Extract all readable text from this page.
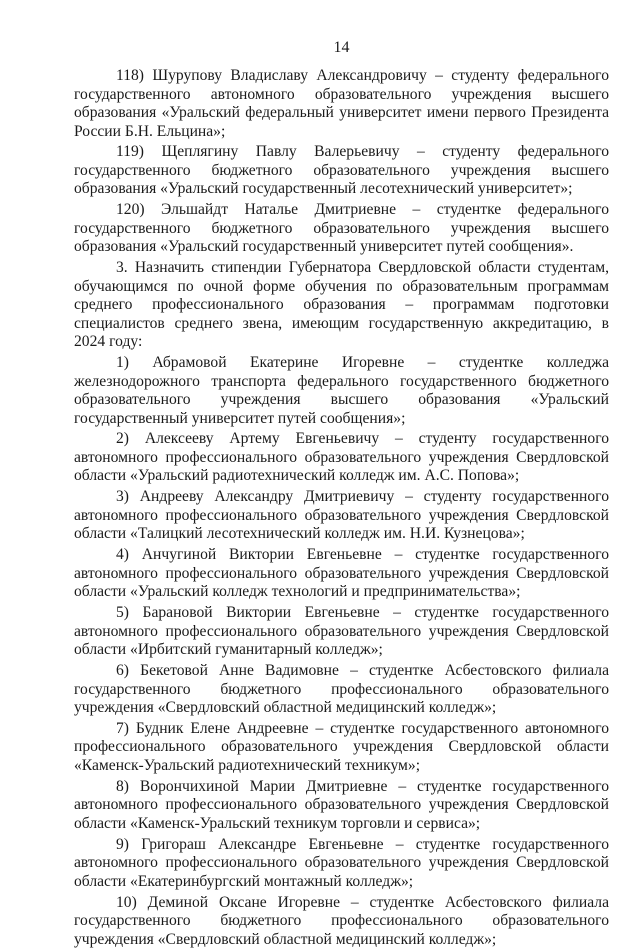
14

118) Шурупову Владиславу Александровичу – студенту федерального государственного автономного образовательного учреждения высшего образования «Уральский федеральный университет имени первого Президента России Б.Н. Ельцина»;

119) Щеплягину Павлу Валерьевичу – студенту федерального государственного бюджетного образовательного учреждения высшего образования «Уральский государственный лесотехнический университет»;

120) Эльшайдт Наталье Дмитриевне – студентке федерального государственного бюджетного образовательного учреждения высшего образования «Уральский государственный университет путей сообщения».

3. Назначить стипендии Губернатора Свердловской области студентам, обучающимся по очной форме обучения по образовательным программам среднего профессионального образования – программам подготовки специалистов среднего звена, имеющим государственную аккредитацию, в 2024 году:

1) Абрамовой Екатерине Игоревне – студентке колледжа железнодорожного транспорта федерального государственного бюджетного образовательного учреждения высшего образования «Уральский государственный университет путей сообщения»;

2) Алексееву Артему Евгеньевичу – студенту государственного автономного профессионального образовательного учреждения Свердловской области «Уральский радиотехнический колледж им. А.С. Попова»;

3) Андрееву Александру Дмитриевичу – студенту государственного автономного профессионального образовательного учреждения Свердловской области «Талицкий лесотехнический колледж им. Н.И. Кузнецова»;

4) Анчугиной Виктории Евгеньевне – студентке государственного автономного профессионального образовательного учреждения Свердловской области «Уральский колледж технологий и предпринимательства»;

5) Барановой Виктории Евгеньевне – студентке государственного автономного профессионального образовательного учреждения Свердловской области «Ирбитский гуманитарный колледж»;

6) Бекетовой Анне Вадимовне – студентке Асбестовского филиала государственного бюджетного профессионального образовательного учреждения «Свердловский областной медицинский колледж»;

7) Будник Елене Андреевне – студентке государственного автономного профессионального образовательного учреждения Свердловской области «Каменск-Уральский радиотехнический техникум»;

8) Ворончихиной Марии Дмитриевне – студентке государственного автономного профессионального образовательного учреждения Свердловской области «Каменск-Уральский техникум торговли и сервиса»;

9) Григораш Александре Евгеньевне – студентке государственного автономного профессионального образовательного учреждения Свердловской области «Екатеринбургский монтажный колледж»;

10) Деминой Оксане Игоревне – студентке Асбестовского филиала государственного бюджетного профессионального образовательного учреждения «Свердловский областной медицинский колледж»;
